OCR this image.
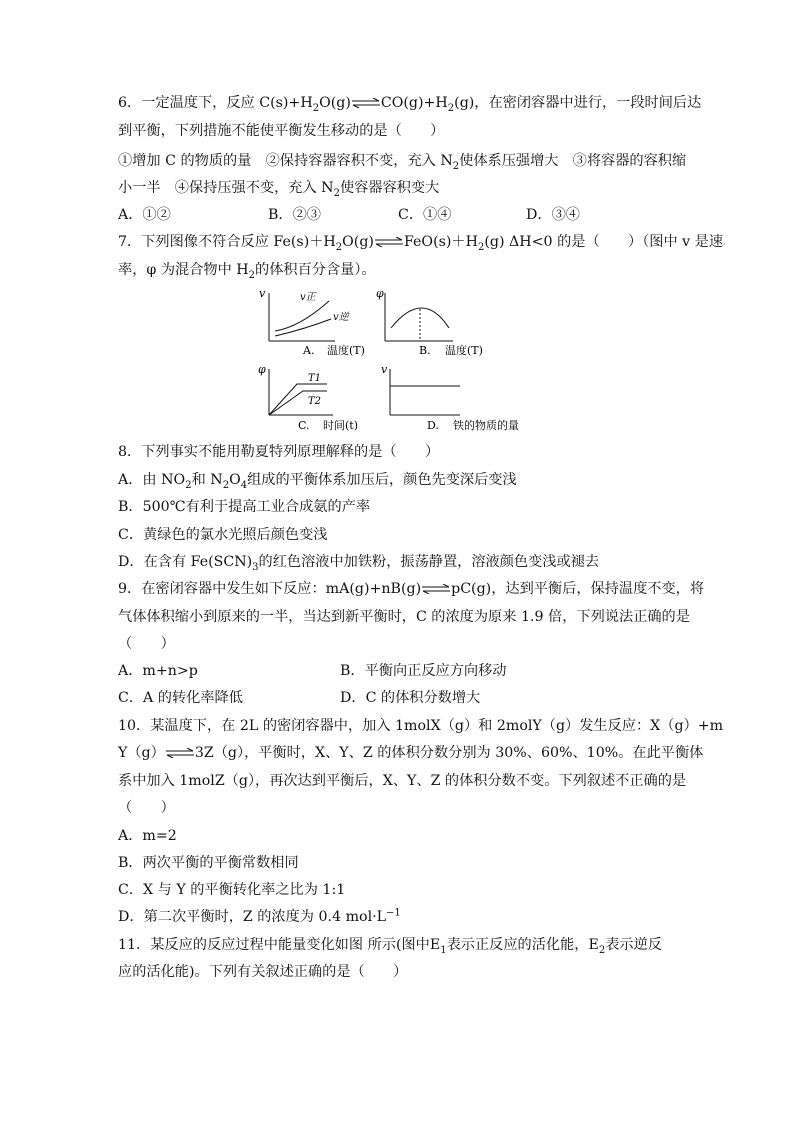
6．一定温度下，反应 $C(s)+H_2O(g)\rightleftharpoons CO(g)+H_2(g)$，在密闭容器中进行，一段时间后达
到平衡，下列措施不能使平衡发生移动的是（　　）
①增加 C 的物质的量　②保持容器容积不变，充入 $N_2$使体系压强增大　③将容器的容积缩
小一半　④保持压强不变，充入 $N_2$使容器容积变大
A．①②	B．②③	C．①④	D．③④
7．下列图像不符合反应 $Fe(s)+H_2O(g)\rightleftharpoons FeO(s)+H_2(g)$ ΔH<0 的是（　　）（图中 v 是速
率，φ 为混合物中 $H_2$的体积百分含量）。
v	v正
v逆
A. 温度(T)
φ
B. 温度(T)
φ
T1
T2
C. 时间(t)
v
D. 铁的物质的量
8．下列事实不能用勒夏特列原理解释的是（　　）
A．由 $NO_2$和 $N_2O_4$组成的平衡体系加压后，颜色先变深后变浅
B．500℃有利于提高工业合成氨的产率
C．黄绿色的氯水光照后颜色变浅
D．在含有 $Fe(SCN)_3$的红色溶液中加铁粉，振荡静置，溶液颜色变浅或褪去
9．在密闭容器中发生如下反应：mA(g)+nB(g)⇌pC(g)，达到平衡后，保持温度不变，将
气体体积缩小到原来的一半，当达到新平衡时，C 的浓度为原来 1.9 倍，下列说法正确的是
（　　）
A．m+n>p	B．平衡向正反应方向移动
C．A 的转化率降低	D．C 的体积分数增大
10．某温度下，在 2L 的密闭容器中，加入 1molX（g）和 2molY（g）发生反应：X（g）+m
Y（g）⇌3Z（g），平衡时，X、Y、Z 的体积分数分别为 30%、60%、10%。在此平衡体
系中加入 1molZ（g），再次达到平衡后，X、Y、Z 的体积分数不变。下列叙述不正确的是
（　　）
A．m=2
B．两次平衡的平衡常数相同
C．X 与 Y 的平衡转化率之比为 1:1
D．第二次平衡时，Z 的浓度为 0.4 $mol\cdot L^{-1}$
11．某反应的反应过程中能量变化如图 所示(图中$E_1$表示正反应的活化能，$E_2$表示逆反
应的活化能)。下列有关叙述正确的是（　　）
